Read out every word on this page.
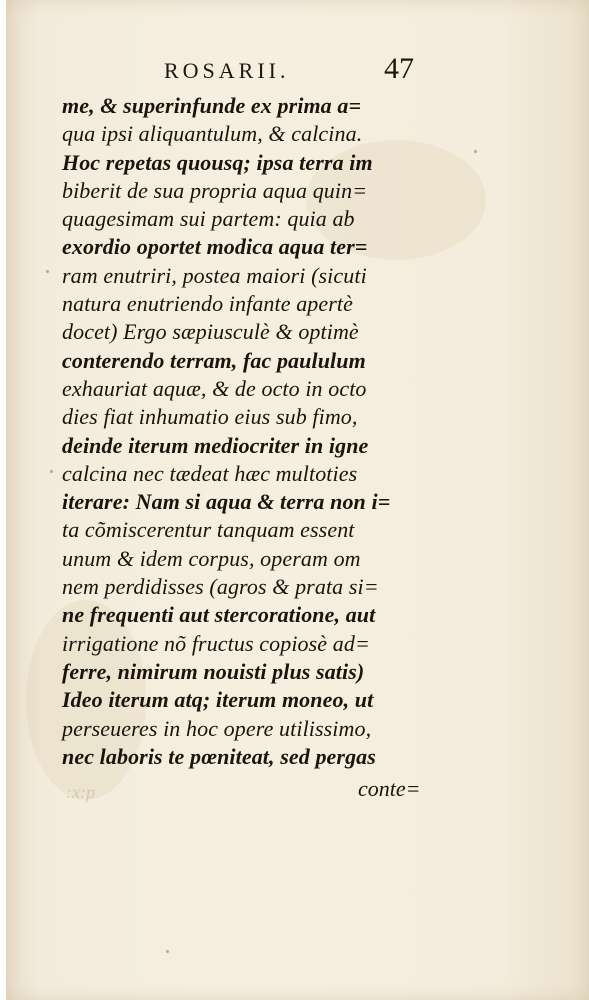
ROSARII.	47
me, & superinfunde ex prima a=
qua ipsi aliquantulum, & calcina.
Hoc repetas quousq; ipsa terra im
biberit de sua propria aqua quin=
quagesimam sui partem: quia ab
exordio oportet modica aqua ter=
ram enutriri, postea maiori (sicuti
natura enutriendo infante apertè
docet) Ergo sæpiusculè & optimè
conterendo terram, fac paululum
exhauriat aquæ, & de octo in octo
dies fiat inhumatio eius sub fimo,
deinde iterum mediocriter in igne
calcina nec tædeat hæc multoties
iterare: Nam si aqua & terra non i=
ta cõmiscerentur tanquam essent
unum & idem corpus, operam om
nem perdidisses (agros & prata si=
ne frequenti aut stercoratione, aut
irrigatione nõ fructus copiosè ad=
ferre, nimirum nouisti plus satis)
Ideo iterum atq; iterum moneo, ut
perseueres in hoc opere utilissimo,
nec laboris te pœniteat, sed pergas
:x:p	conte=
